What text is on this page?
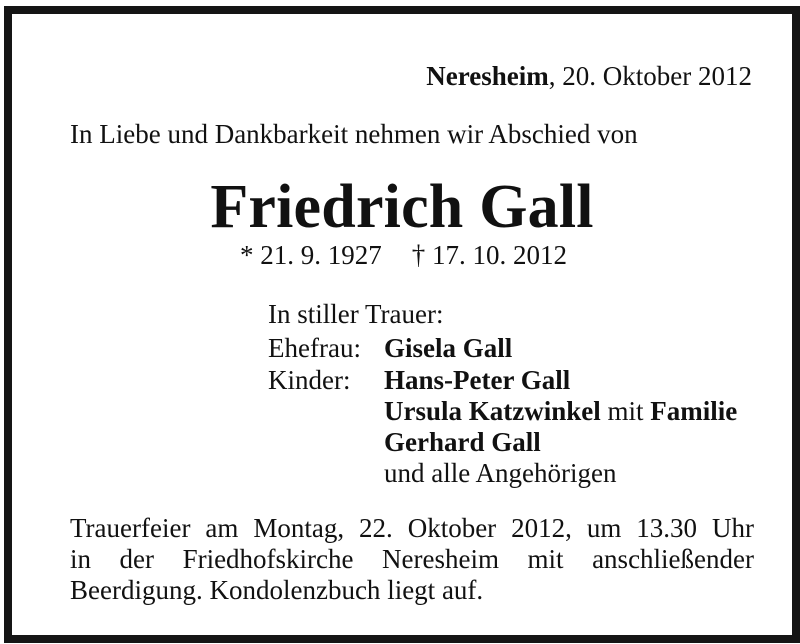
Neresheim, 20. Oktober 2012
In Liebe und Dankbarkeit nehmen wir Abschied von
Friedrich Gall
* 21. 9. 1927 † 17. 10. 2012
In stiller Trauer:
Ehefrau: Gisela Gall
Kinder: Hans-Peter Gall
Ursula Katzwinkel mit Familie
Gerhard Gall
und alle Angehörigen
Trauerfeier am Montag, 22. Oktober 2012, um 13.30 Uhr
in der Friedhofskirche Neresheim mit anschließender
Beerdigung. Kondolenzbuch liegt auf.
